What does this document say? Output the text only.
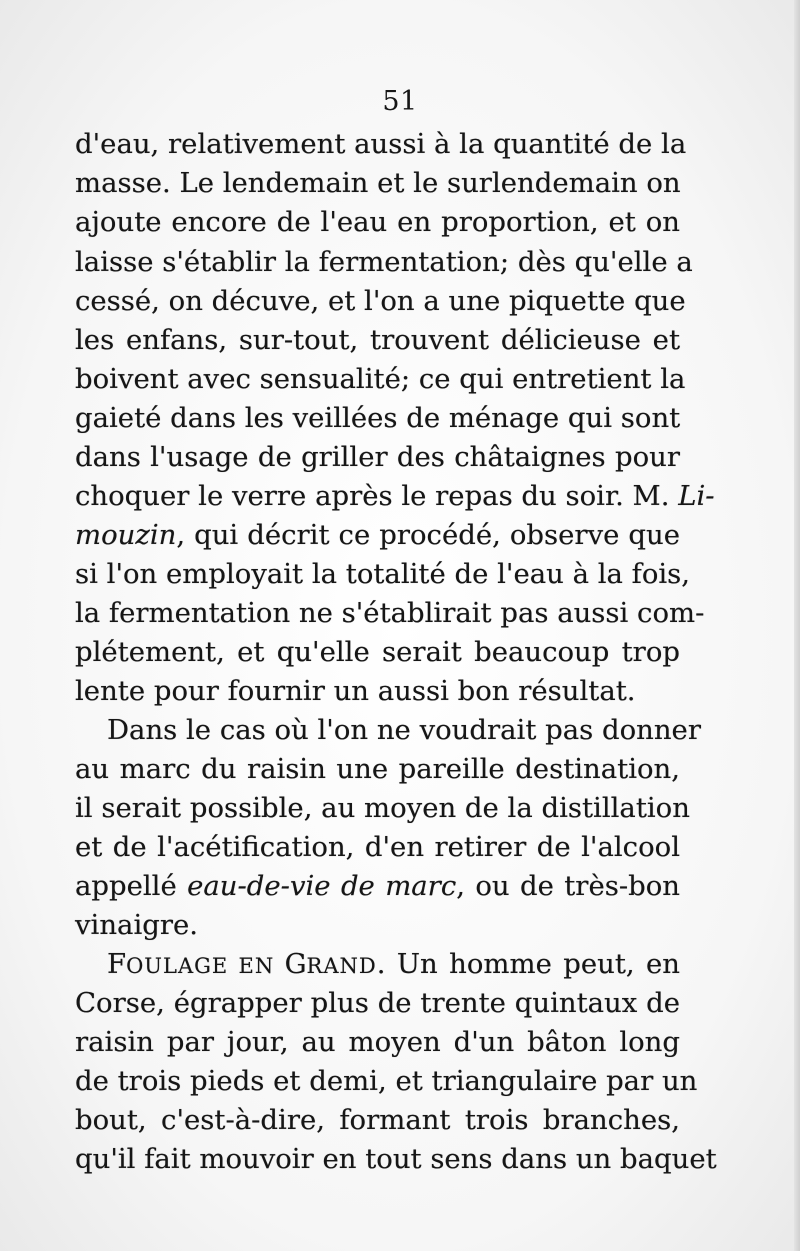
51
d'eau, relativement aussi à la quantité de la
masse. Le lendemain et le surlendemain on
ajoute encore de l'eau en proportion, et on
laisse s'établir la fermentation; dès qu'elle a
cessé, on décuve, et l'on a une piquette que
les enfans, sur-tout, trouvent délicieuse et
boivent avec sensualité; ce qui entretient la
gaieté dans les veillées de ménage qui sont
dans l'usage de griller des châtaignes pour
choquer le verre après le repas du soir. M. Li-
mouzin, qui décrit ce procédé, observe que
si l'on employait la totalité de l'eau à la fois,
la fermentation ne s'établirait pas aussi com-
plétement, et qu'elle serait beaucoup trop
lente pour fournir un aussi bon résultat.
Dans le cas où l'on ne voudrait pas donner
au marc du raisin une pareille destination,
il serait possible, au moyen de la distillation
et de l'acétification, d'en retirer de l'alcool
appellé eau-de-vie de marc, ou de très-bon
vinaigre.
FOULAGE EN GRAND. Un homme peut, en
Corse, égrapper plus de trente quintaux de
raisin par jour, au moyen d'un bâton long
de trois pieds et demi, et triangulaire par un
bout, c'est-à-dire, formant trois branches,
qu'il fait mouvoir en tout sens dans un baquet
